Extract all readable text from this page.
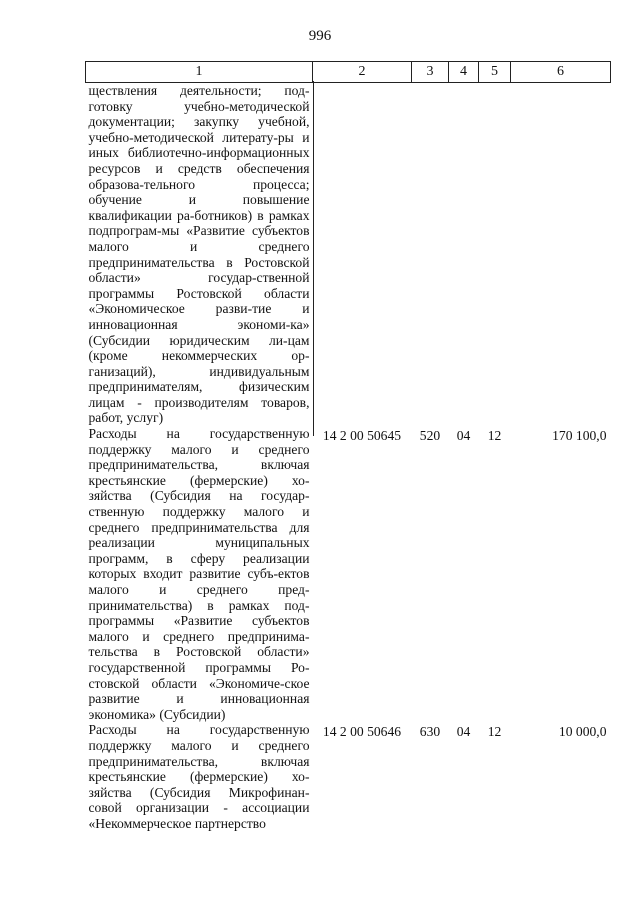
996
1	2	3	4	5	6
ществления деятельности; под-готовку учебно-методической документации; закупку учебной, учебно-методической литерату-ры и иных библиотечно-информационных ресурсов и средств обеспечения образова-тельного процесса; обучение и повышение квалификации ра-ботников) в рамках подпрограм-мы «Развитие субъектов малого и среднего предпринимательства в Ростовской области» государ-ственной программы Ростовской области «Экономическое разви-тие и инновационная экономи-ка» (Субсидии юридическим ли-цам (кроме некоммерческих ор-ганизаций), индивидуальным предпринимателям, физическим лицам - производителям товаров, работ, услуг)					
Расходы на государственную поддержку малого и среднего предпринимательства, включая крестьянские (фермерские) хо-зяйства (Субсидия на государ-ственную поддержку малого и среднего предпринимательства для реализации муниципальных программ, в сферу реализации которых входит развитие субъ-ектов малого и среднего пред-принимательства) в рамках под-программы «Развитие субъектов малого и среднего предпринима-тельства в Ростовской области» государственной программы Ро-стовской области «Экономиче-ское развитие и инновационная экономика» (Субсидии)	14 2 00 50645	520	04	12	170 100,0
Расходы на государственную поддержку малого и среднего предпринимательства, включая крестьянские (фермерские) хо-зяйства (Субсидия Микрофинан-совой организации - ассоциации «Некоммерческое партнерство	14 2 00 50646	630	04	12	10 000,0
